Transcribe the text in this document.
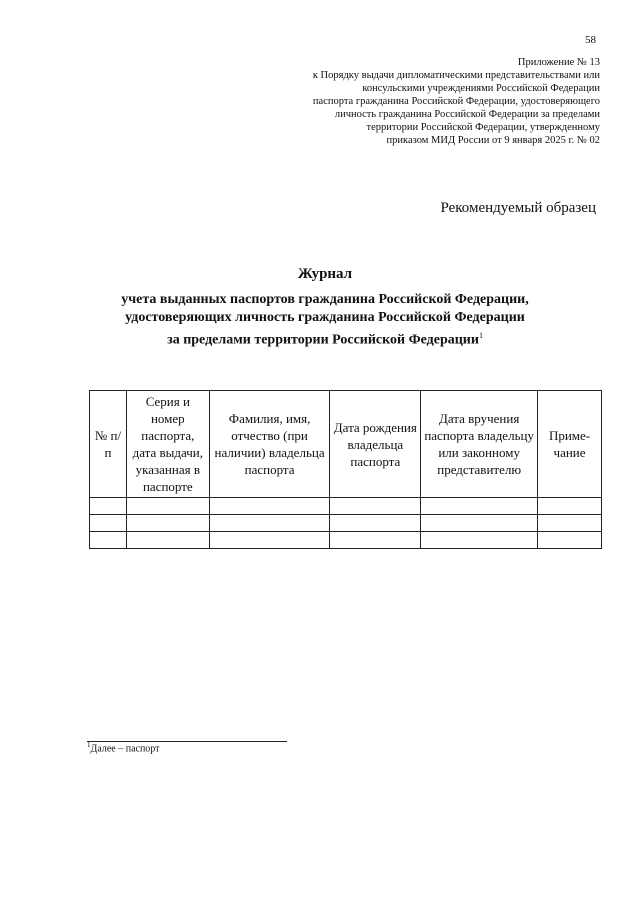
58
Приложение № 13
к Порядку выдачи дипломатическими представительствами или
консульскими учреждениями Российской Федерации
паспорта гражданина Российской Федерации, удостоверяющего
личность гражданина Российской Федерации за пределами
территории Российской Федерации, утвержденному
приказом МИД России от 9 января 2025 г. № 02
Рекомендуемый образец
Журнал
учета выданных паспортов гражданина Российской Федерации,
удостоверяющих личность гражданина Российской Федерации
за пределами территории Российской Федерации$^1$
№ п/п	Серия и номер паспорта, дата выдачи, указанная в паспорте	Фамилия, имя, отчество (при наличии) владельца паспорта	Дата рождения владельца паспорта	Дата вручения паспорта владельцу или законному представителю	Приме-чание

$^1$Далее – паспорт
